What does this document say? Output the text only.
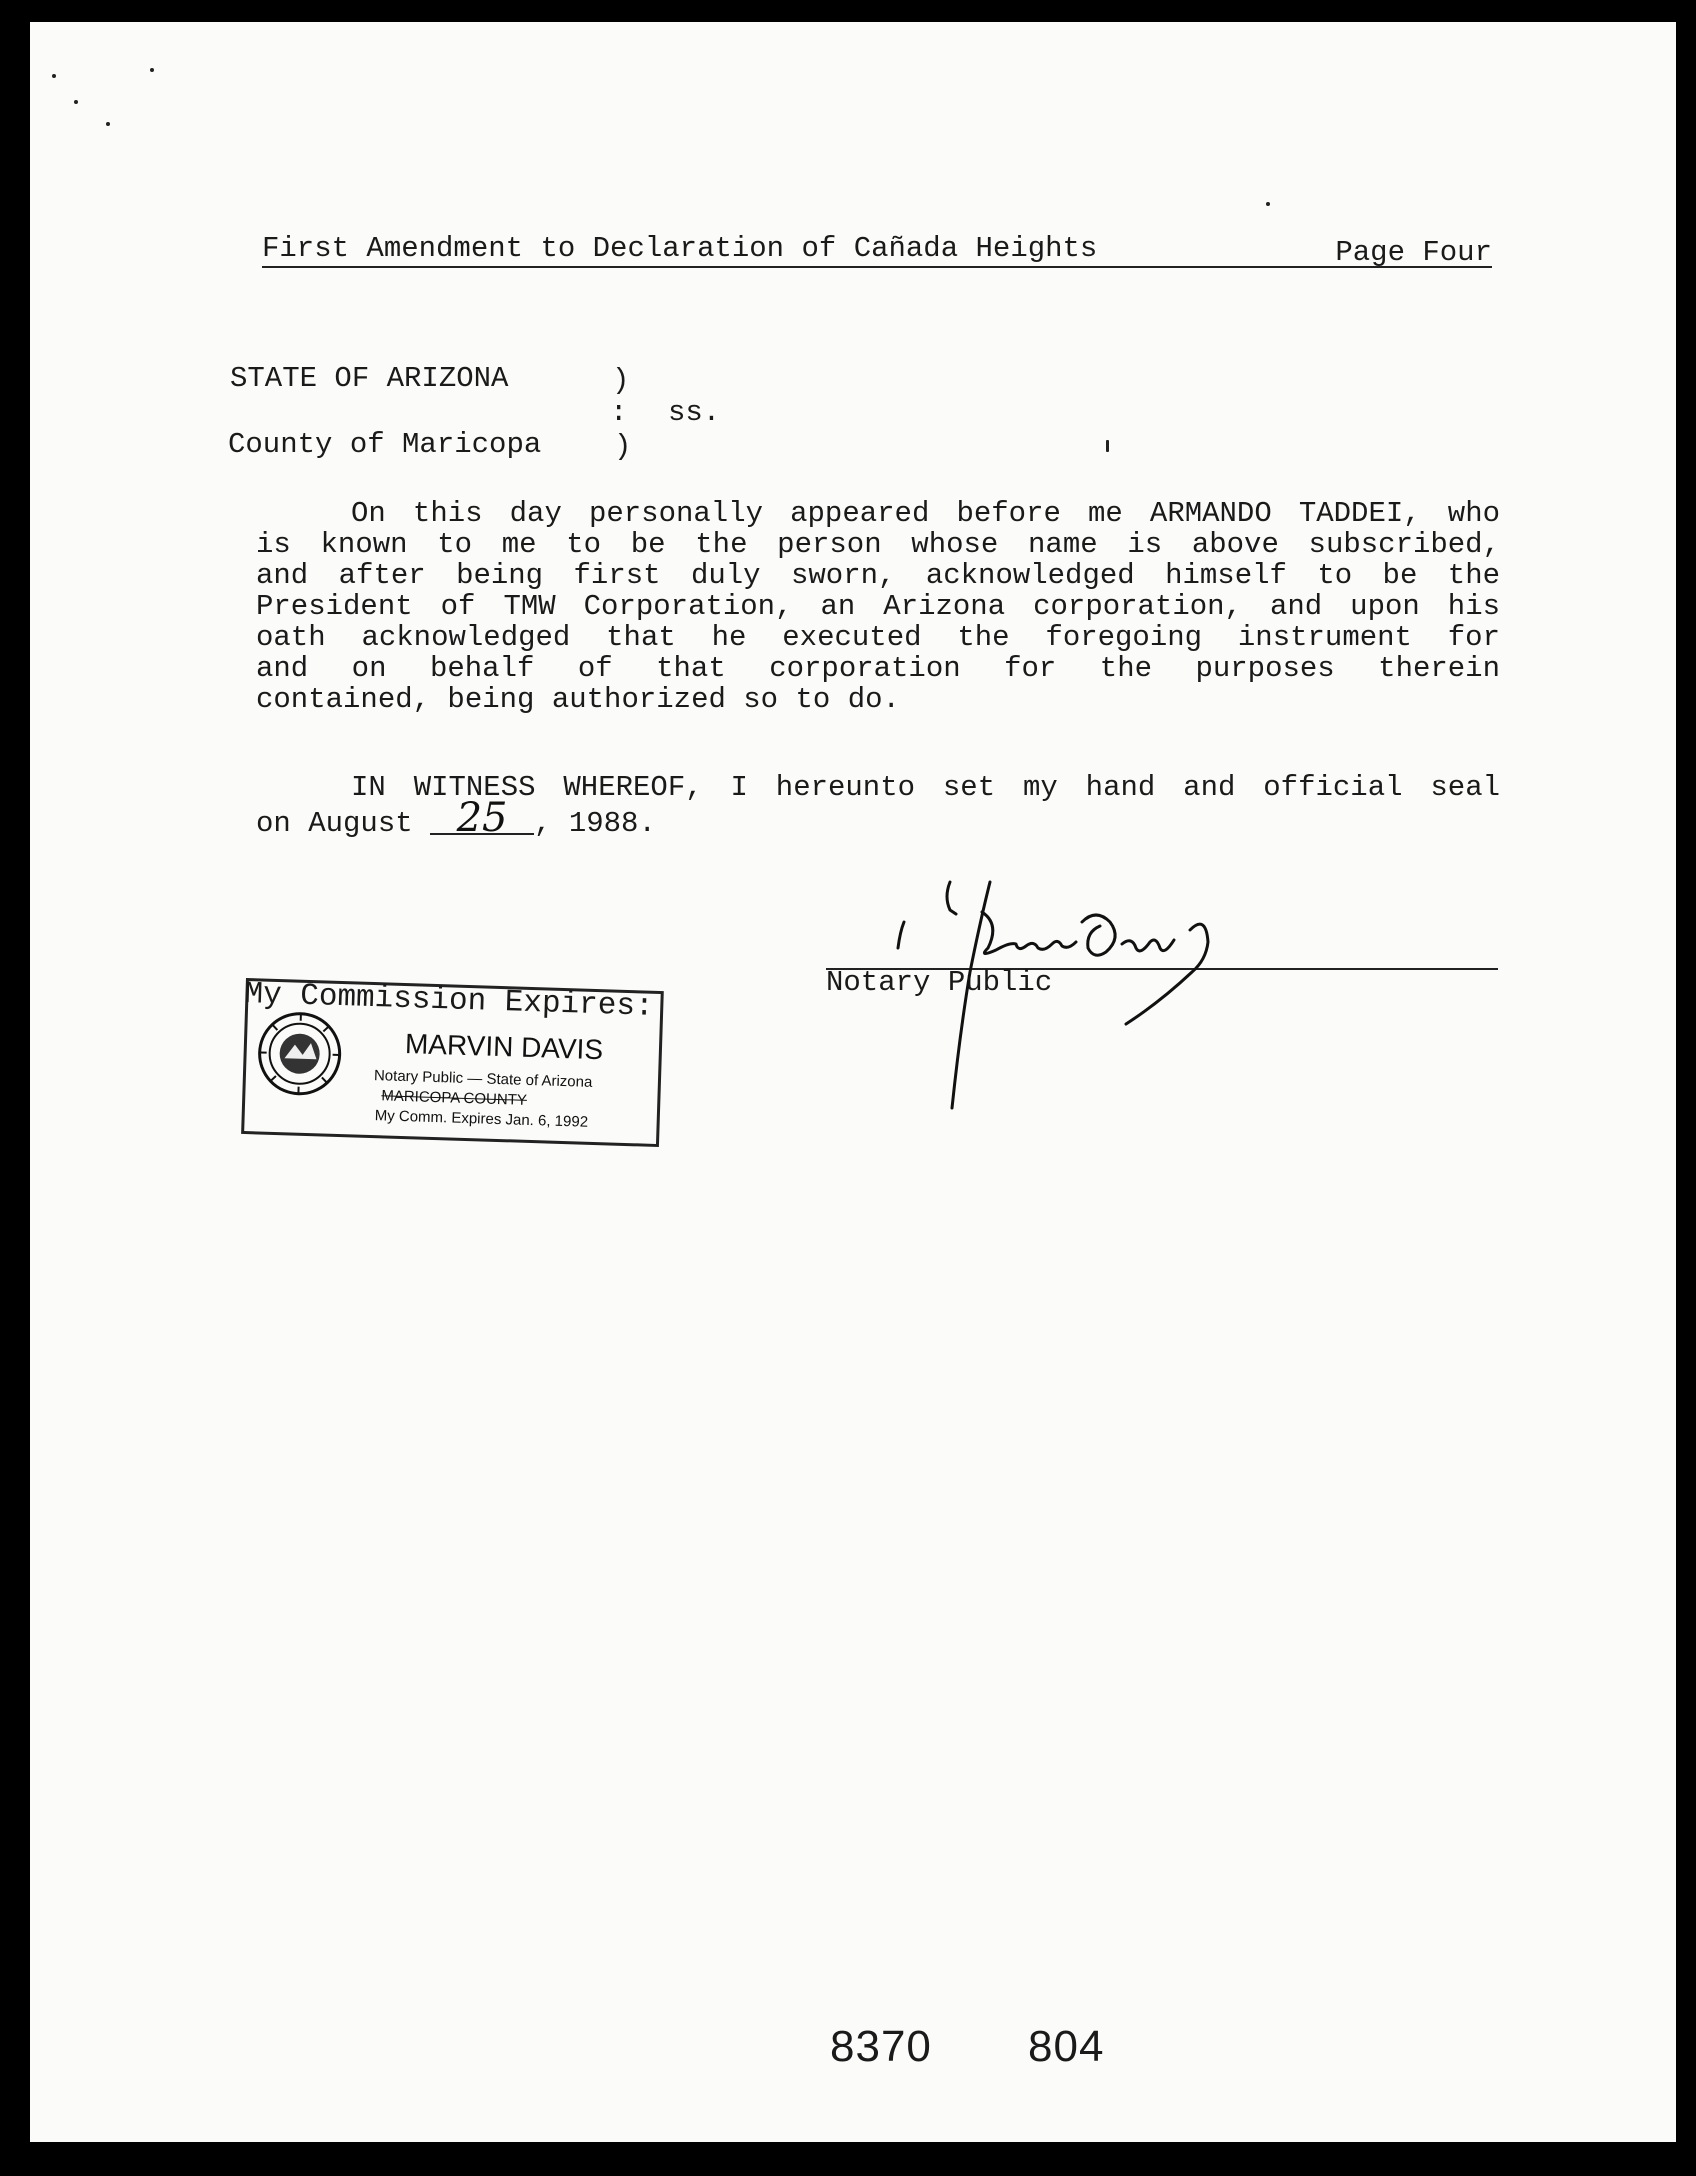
First Amendment to Declaration of Cañada Heights	Page Four
STATE OF ARIZONA	)
: ss.
County of Maricopa	)
On this day personally appeared before me ARMANDO TADDEI, who
is known to me to be the person whose name is above subscribed,
and after being first duly sworn, acknowledged himself to be the
President of TMW Corporation, an Arizona corporation, and upon his
oath acknowledged that he executed the foregoing instrument for
and on behalf of that corporation for the purposes therein
contained, being authorized so to do.
IN WITNESS WHEREOF, I hereunto set my hand and official seal
on August 25 , 1988.
Notary Public
My Commission Expires:
MARVIN DAVIS
Notary Public — State of Arizona
MARICOPA COUNTY
My Comm. Expires Jan. 6, 1992
8370 804
